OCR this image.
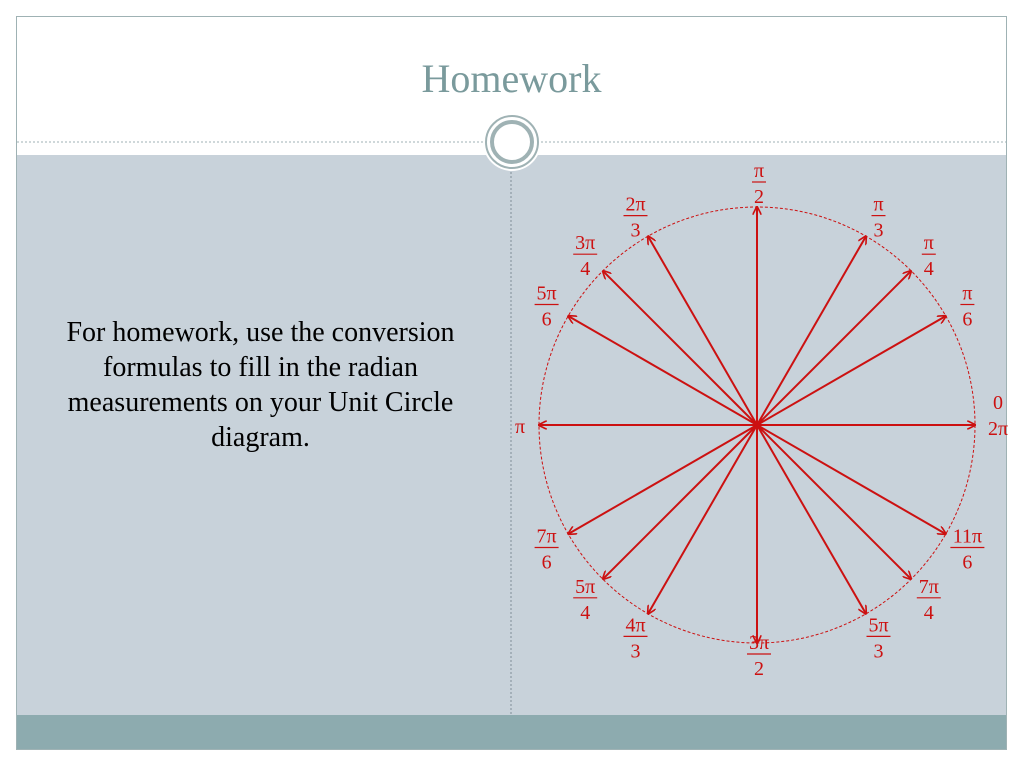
Homework
For homework, use the conversion formulas to fill in the radian measurements on your Unit Circle diagram.
0
2π
π
6
π
4
π
3
π
2
2π
3
3π
4
5π
6
π
7π
6
5π
4
4π
3	3π
2
5π
3
7π
4
11π
6
